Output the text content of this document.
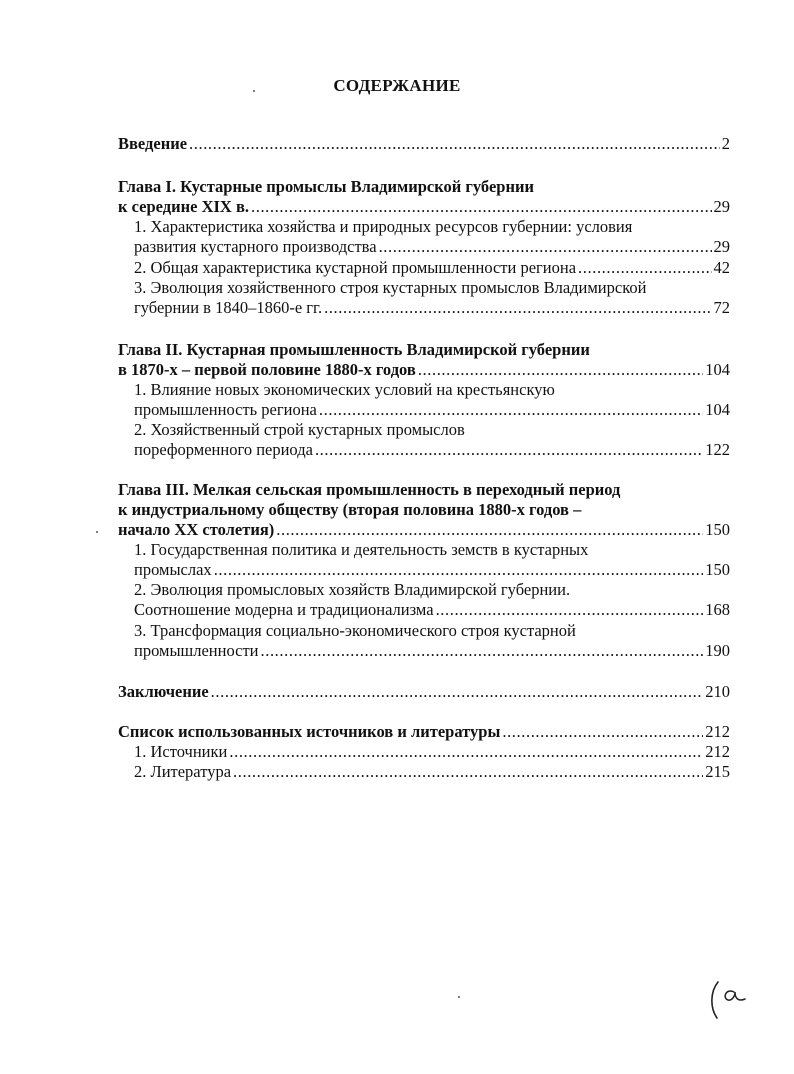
СОДЕРЖАНИЕ
Введение .....	2
Глава I. Кустарные промыслы Владимирской губернии
к середине XIX в. .....	29
1. Характеристика хозяйства и природных ресурсов губернии: условия
развития кустарного производства .....	29
2. Общая характеристика кустарной промышленности региона .....	42
3. Эволюция хозяйственного строя кустарных промыслов Владимирской
губернии в 1840–1860-е гг. .....	72
Глава II. Кустарная промышленность Владимирской губернии
в 1870-х – первой половине 1880-х годов .....	104
1. Влияние новых экономических условий на крестьянскую
промышленность региона .....	104
2. Хозяйственный строй кустарных промыслов
пореформенного периода .....	122
Глава III. Мелкая сельская промышленность в переходный период
к индустриальному обществу (вторая половина 1880-х годов –
начало XX столетия) .....	150
1. Государственная политика и деятельность земств в кустарных
промыслах .....	150
2. Эволюция промысловых хозяйств Владимирской губернии.
Соотношение модерна и традиционализма .....	168
3. Трансформация социально-экономического строя кустарной
промышленности .....	190
Заключение .....	210
Список использованных источников и литературы .....	212
1. Источники .....	212
2. Литература .....	215
